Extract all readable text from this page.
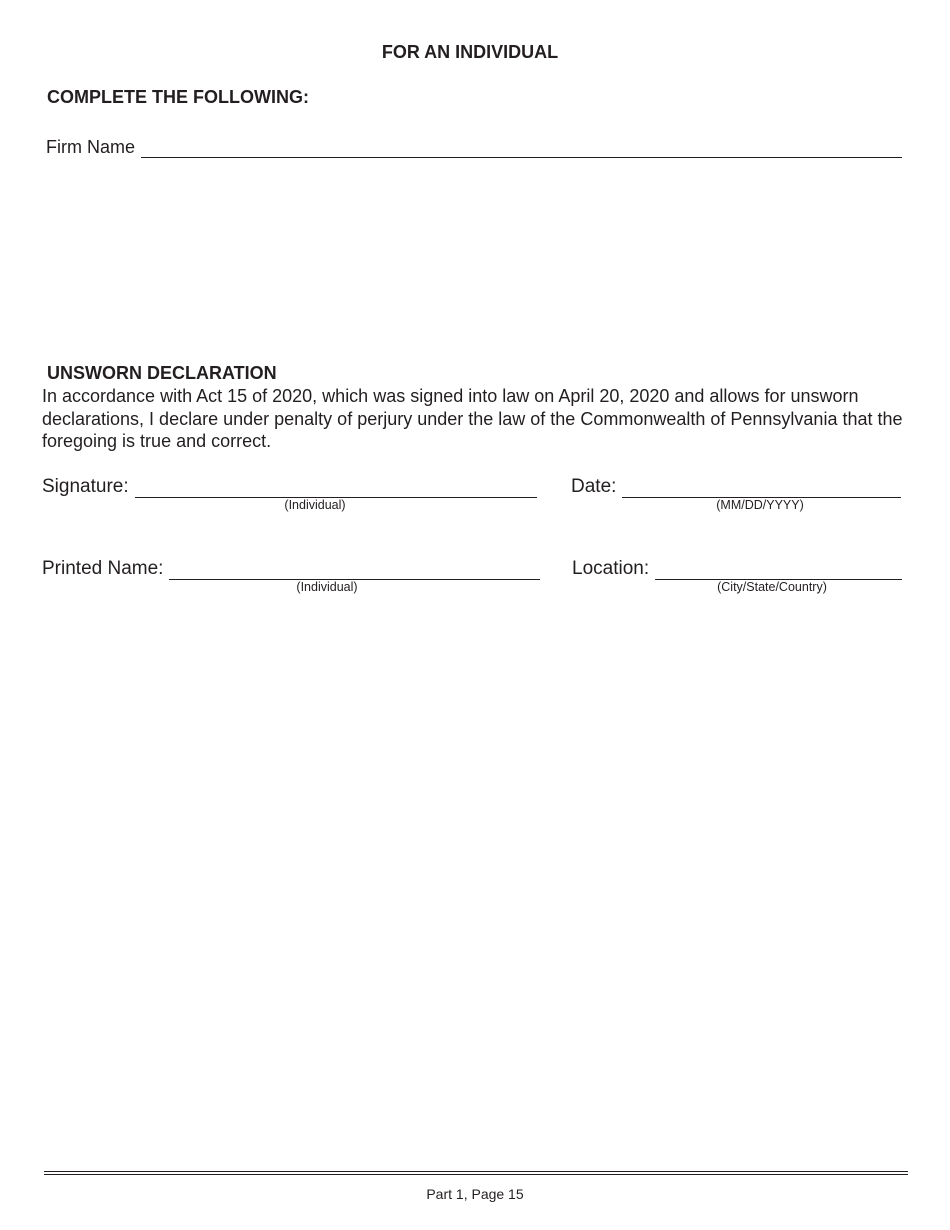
FOR AN INDIVIDUAL
COMPLETE THE FOLLOWING:
Firm Name
UNSWORN DECLARATION
In accordance with Act 15 of 2020, which was signed into law on April 20, 2020 and allows for unsworn declarations, I declare under penalty of perjury under the law of the Commonwealth of Pennsylvania that the foregoing is true and correct.
Signature:
(Individual)
Date:
(MM/DD/YYYY)
Printed Name:
(Individual)
Location:
(City/State/Country)
Part 1, Page 15
